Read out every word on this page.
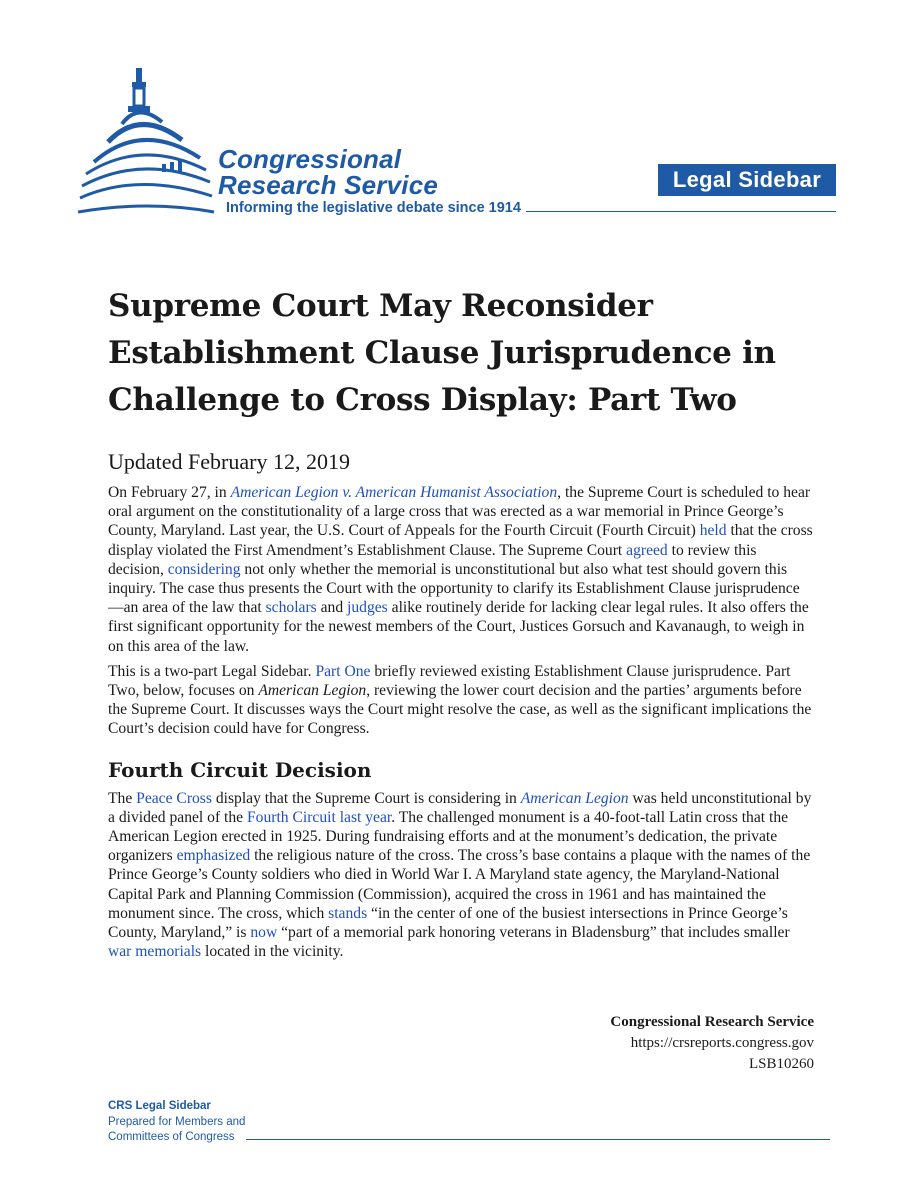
Congressional
Research Service
Informing the legislative debate since 1914
Legal Sidebar
Supreme Court May Reconsider Establishment Clause Jurisprudence in Challenge to Cross Display: Part Two
Updated February 12, 2019

On February 27, in American Legion v. American Humanist Association, the Supreme Court is scheduled to hear oral argument on the constitutionality of a large cross that was erected as a war memorial in Prince George’s County, Maryland. Last year, the U.S. Court of Appeals for the Fourth Circuit (Fourth Circuit) held that the cross display violated the First Amendment’s Establishment Clause. The Supreme Court agreed to review this decision, considering not only whether the memorial is unconstitutional but also what test should govern this inquiry. The case thus presents the Court with the opportunity to clarify its Establishment Clause jurisprudence—an area of the law that scholars and judges alike routinely deride for lacking clear legal rules. It also offers the first significant opportunity for the newest members of the Court, Justices Gorsuch and Kavanaugh, to weigh in on this area of the law.

This is a two-part Legal Sidebar. Part One briefly reviewed existing Establishment Clause jurisprudence. Part Two, below, focuses on American Legion, reviewing the lower court decision and the parties’ arguments before the Supreme Court. It discusses ways the Court might resolve the case, as well as the significant implications the Court’s decision could have for Congress.

Fourth Circuit Decision

The Peace Cross display that the Supreme Court is considering in American Legion was held unconstitutional by a divided panel of the Fourth Circuit last year. The challenged monument is a 40-foot-tall Latin cross that the American Legion erected in 1925. During fundraising efforts and at the monument’s dedication, the private organizers emphasized the religious nature of the cross. The cross’s base contains a plaque with the names of the Prince George’s County soldiers who died in World War I. A Maryland state agency, the Maryland-National Capital Park and Planning Commission (Commission), acquired the cross in 1961 and has maintained the monument since. The cross, which stands “in the center of one of the busiest intersections in Prince George’s County, Maryland,” is now “part of a memorial park honoring veterans in Bladensburg” that includes smaller war memorials located in the vicinity.

Congressional Research Service
https://crsreports.congress.gov
LSB10260
CRS Legal Sidebar
Prepared for Members and
Committees of Congress
